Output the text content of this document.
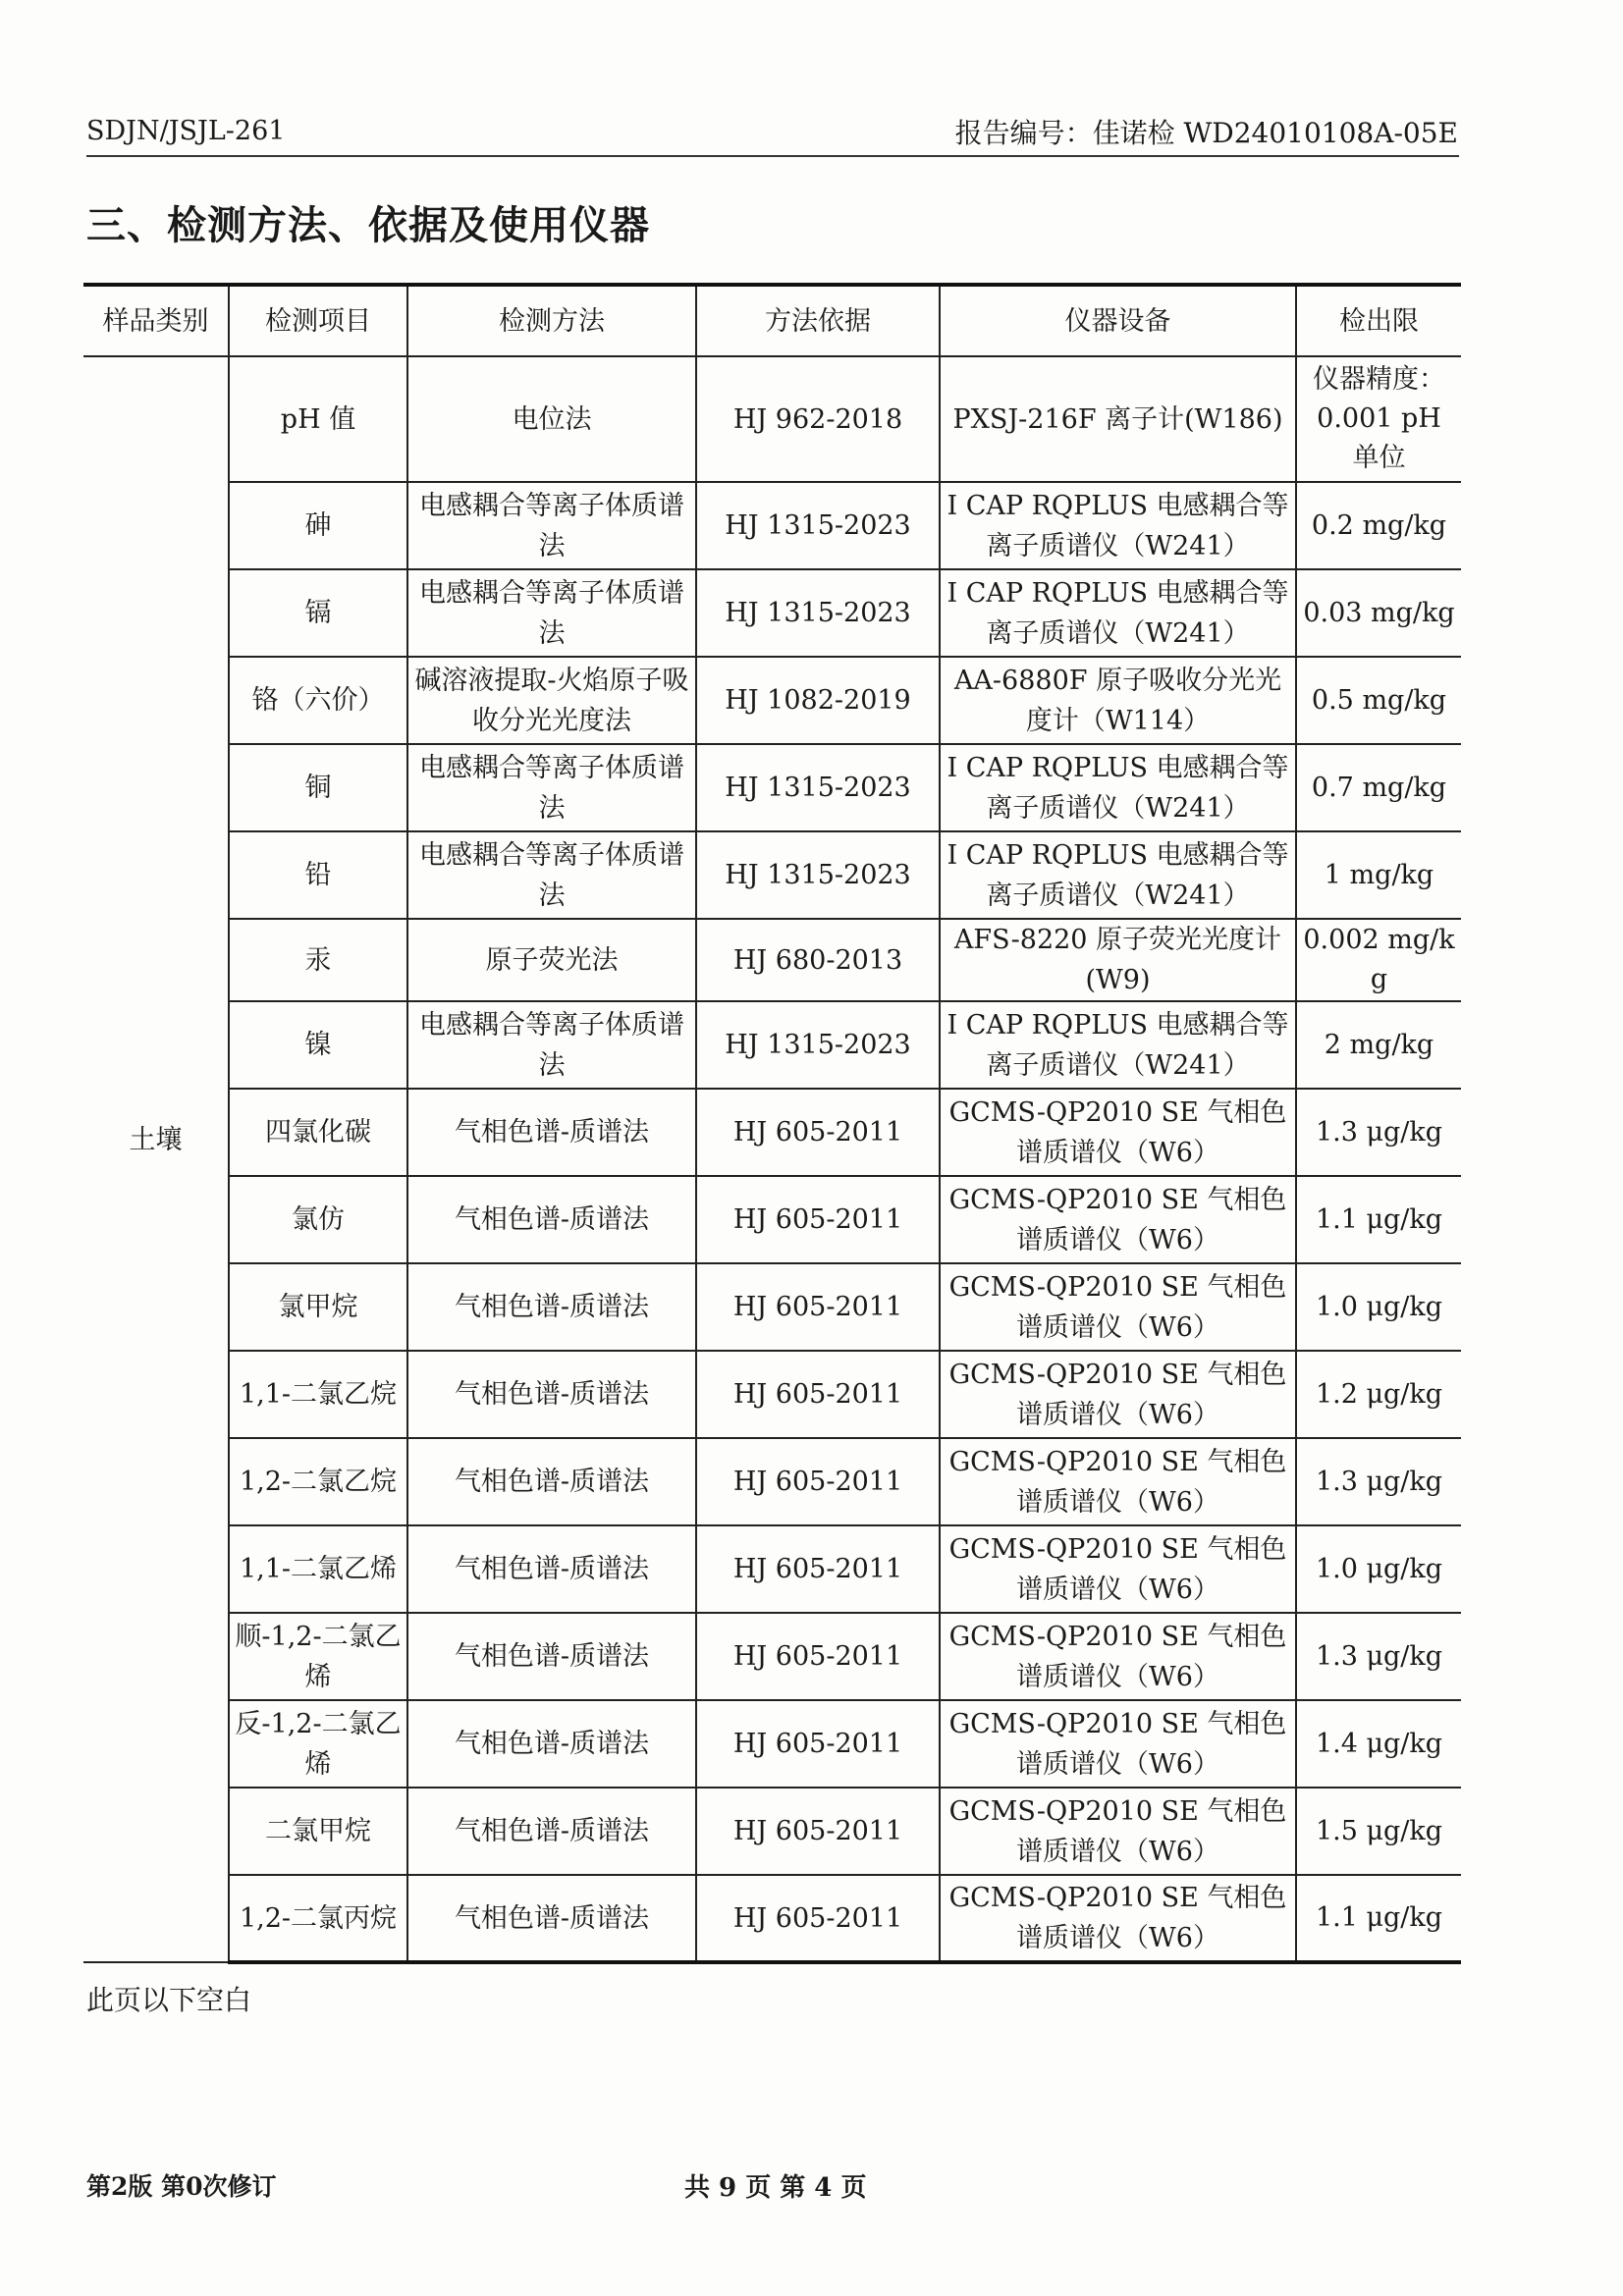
SDJN/JSJL-261	报告编号：佳诺检 WD24010108A-05E
三、检测方法、依据及使用仪器
样品类别	检测项目	检测方法	方法依据	仪器设备	检出限
土壤	pH 值	电位法	HJ 962-2018	PXSJ-216F 离子计(W186)	仪器精度：0.001 pH 单位
	砷	电感耦合等离子体质谱法	HJ 1315-2023	I CAP RQPLUS 电感耦合等离子质谱仪（W241）	0.2 mg/kg
	镉	电感耦合等离子体质谱法	HJ 1315-2023	I CAP RQPLUS 电感耦合等离子质谱仪（W241）	0.03 mg/kg
	铬（六价）	碱溶液提取-火焰原子吸收分光光度法	HJ 1082-2019	AA-6880F 原子吸收分光光度计（W114）	0.5 mg/kg
	铜	电感耦合等离子体质谱法	HJ 1315-2023	I CAP RQPLUS 电感耦合等离子质谱仪（W241）	0.7 mg/kg
	铅	电感耦合等离子体质谱法	HJ 1315-2023	I CAP RQPLUS 电感耦合等离子质谱仪（W241）	1 mg/kg
	汞	原子荧光法	HJ 680-2013	AFS-8220 原子荧光光度计(W9)	0.002 mg/kg
	镍	电感耦合等离子体质谱法	HJ 1315-2023	I CAP RQPLUS 电感耦合等离子质谱仪（W241）	2 mg/kg
	四氯化碳	气相色谱-质谱法	HJ 605-2011	GCMS-QP2010 SE 气相色谱质谱仪（W6）	1.3 μg/kg
	氯仿	气相色谱-质谱法	HJ 605-2011	GCMS-QP2010 SE 气相色谱质谱仪（W6）	1.1 μg/kg
	氯甲烷	气相色谱-质谱法	HJ 605-2011	GCMS-QP2010 SE 气相色谱质谱仪（W6）	1.0 μg/kg
	1,1-二氯乙烷	气相色谱-质谱法	HJ 605-2011	GCMS-QP2010 SE 气相色谱质谱仪（W6）	1.2 μg/kg
	1,2-二氯乙烷	气相色谱-质谱法	HJ 605-2011	GCMS-QP2010 SE 气相色谱质谱仪（W6）	1.3 μg/kg
	1,1-二氯乙烯	气相色谱-质谱法	HJ 605-2011	GCMS-QP2010 SE 气相色谱质谱仪（W6）	1.0 μg/kg
	顺-1,2-二氯乙烯	气相色谱-质谱法	HJ 605-2011	GCMS-QP2010 SE 气相色谱质谱仪（W6）	1.3 μg/kg
	反-1,2-二氯乙烯	气相色谱-质谱法	HJ 605-2011	GCMS-QP2010 SE 气相色谱质谱仪（W6）	1.4 μg/kg
	二氯甲烷	气相色谱-质谱法	HJ 605-2011	GCMS-QP2010 SE 气相色谱质谱仪（W6）	1.5 μg/kg
	1,2-二氯丙烷	气相色谱-质谱法	HJ 605-2011	GCMS-QP2010 SE 气相色谱质谱仪（W6）	1.1 μg/kg
此页以下空白
第2版 第0次修订	共 9 页 第 4 页
